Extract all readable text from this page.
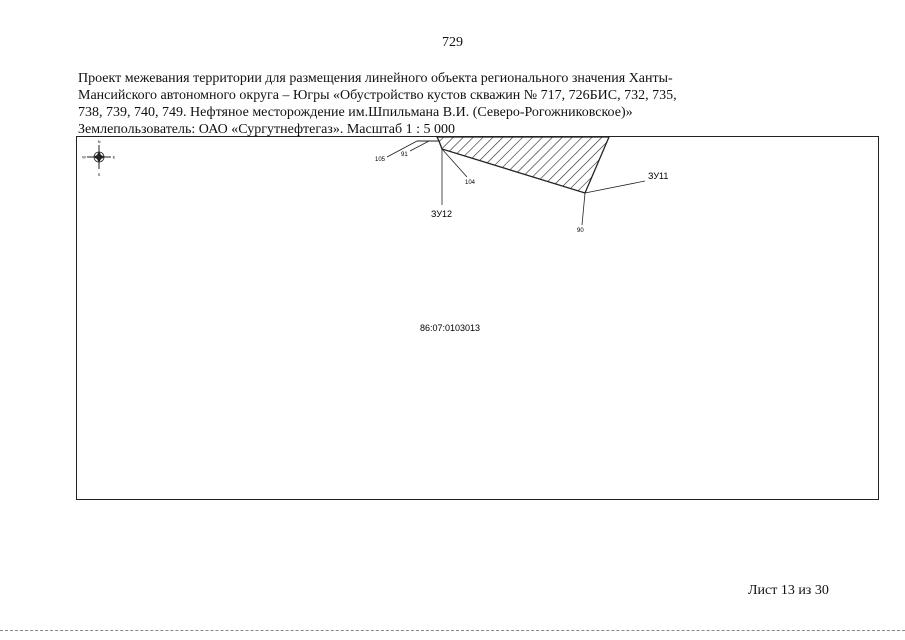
729
Проект межевания территории для размещения линейного объекта регионального значения Ханты-
Мансийского автономного округа – Югры «Обустройство кустов скважин № 717, 726БИС, 732, 735,
738, 739, 740, 749. Нефтяное месторождение им.Шпильмана В.И. (Северо-Рогожниковское)»
Землепользователь: ОАО «Сургутнефтегаз». Масштаб 1 : 5 000
N
S
W	E	105
91
104
90
ЗУ11
ЗУ12
86:07:0103013
Лист 13 из 30
